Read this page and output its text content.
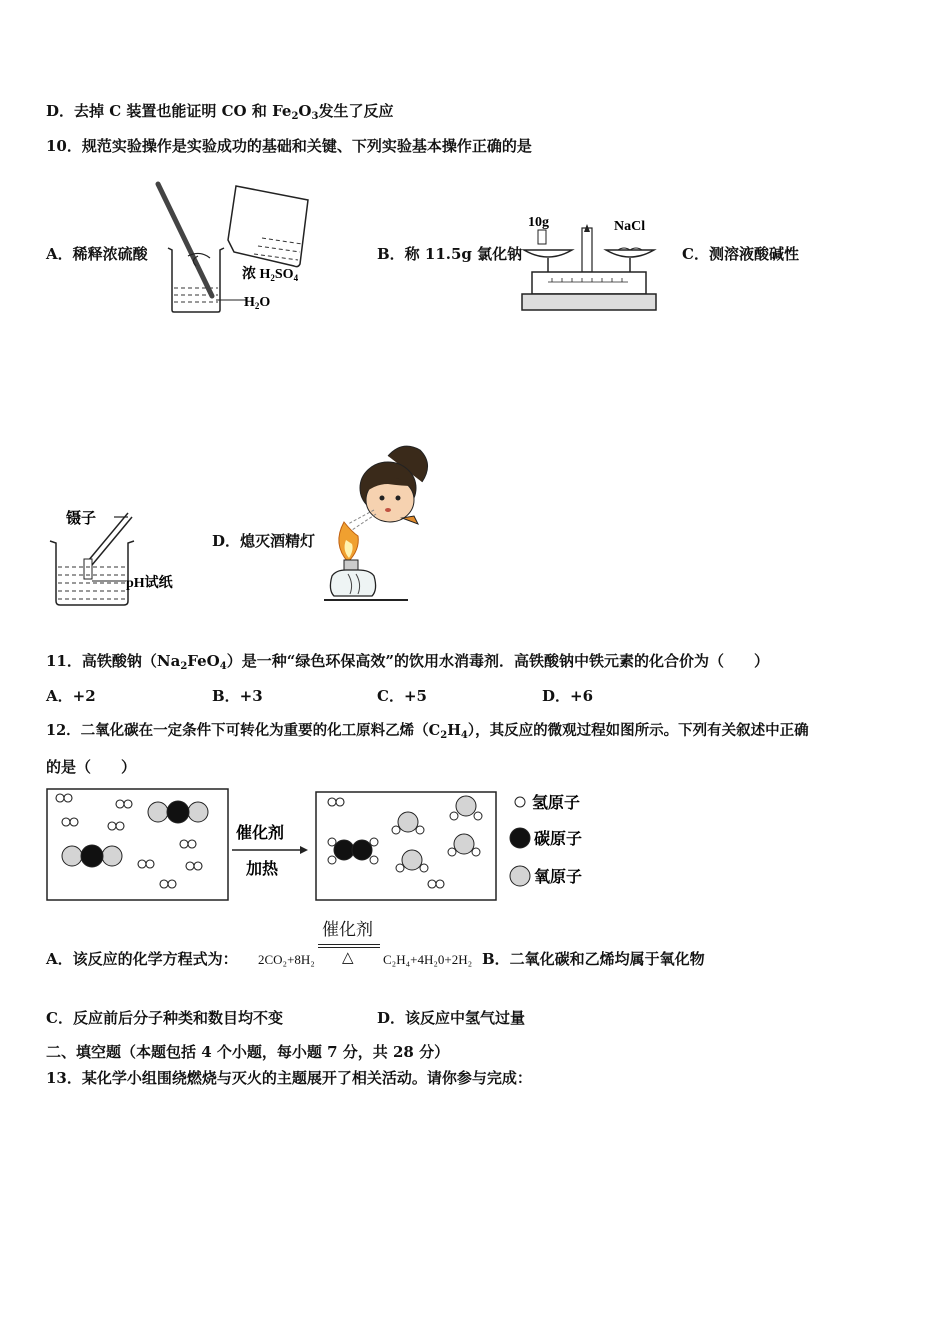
D．去掉 C 装置也能证明 CO 和 $Fe_2O_3$发生了反应
10．规范实验操作是实验成功的基础和关键、下列实验基本操作正确的是
A．稀释浓硫酸
浓 $H_2SO_4$
$H_2O$
B．称 11.5g 氯化钠
10g	NaCl
C．测溶液酸碱性
镊子
pH试纸
D．熄灭酒精灯
11．高铁酸钠$(Na_2FeO_4)$是一种“绿色环保高效”的饮用水消毒剂．高铁酸钠中铁元素的化合价为（　　）
A．+2	B．+3	C．+5	D．+6
12．二氧化碳在一定条件下可转化为重要的化工原料乙烯$(C_2H_4)$，其反应的微观过程如图所示。下列有关叙述中正确
的是（　　）
催化剂
加热
氢原子
碳原子
氧原子
A．该反应的化学方程式为： 2CO₂+8H₂
催化剂
△ C₂H₄+4H₂0+2H₂ B．二氧化碳和乙烯均属于氧化物
C．反应前后分子种类和数目均不变	D．该反应中氢气过量
二、填空题（本题包括 4 个小题，每小题 7 分，共 28 分）
13．某化学小组围绕燃烧与灭火的主题展开了相关活动。请你参与完成：
